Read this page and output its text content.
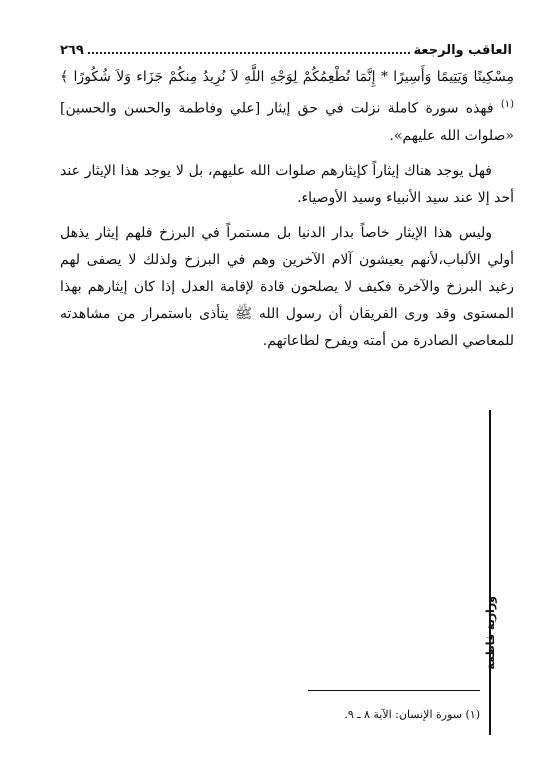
العاقب والرجعة
٢٦٩

مِسْكِينًا وَيَتِيمًا وَأَسِيرًا * إِنَّمَا نُطْعِمُكُمْ لِوَجْهِ اللَّهِ لاَ نُرِيدُ مِنكُمْ جَزَاء وَلاَ شُكُورًا ﴾ $^{(١)}$ فهذه سورة كاملة نزلت في حق إيثار [علي وفاطمة والحسن والحسين] «صلوات الله عليهم».

فهل يوجد هناك إيثاراً كإيثارهم صلوات الله عليهم، بل لا يوجد هذا الإيثار عند أحد إلا عند سيد الأنبياء وسيد الأوصياء.

وليس هذا الإيثار خاصاً بدار الدنيا بل مستمراً في البرزخ فلهم إيثار يذهل أولي الألباب،لأنهم يعيشون آلام الآخرين وهم في البرزخ ولذلك لا يصفى لهم رغيد البرزخ والآخرة فكيف لا يصلحون قادة لإقامة العدل إذا كان إيثارهم بهذا المستوى وقد ورى الفريقان أن رسول الله ﷺ يتأذى باستمرار من مشاهدته للمعاصي الصادرة من أمته ويفرح لطاعاتهم.

ورازية فاطمة
(١) سورة الإنسان: الآية ٨ ـ ٩.
